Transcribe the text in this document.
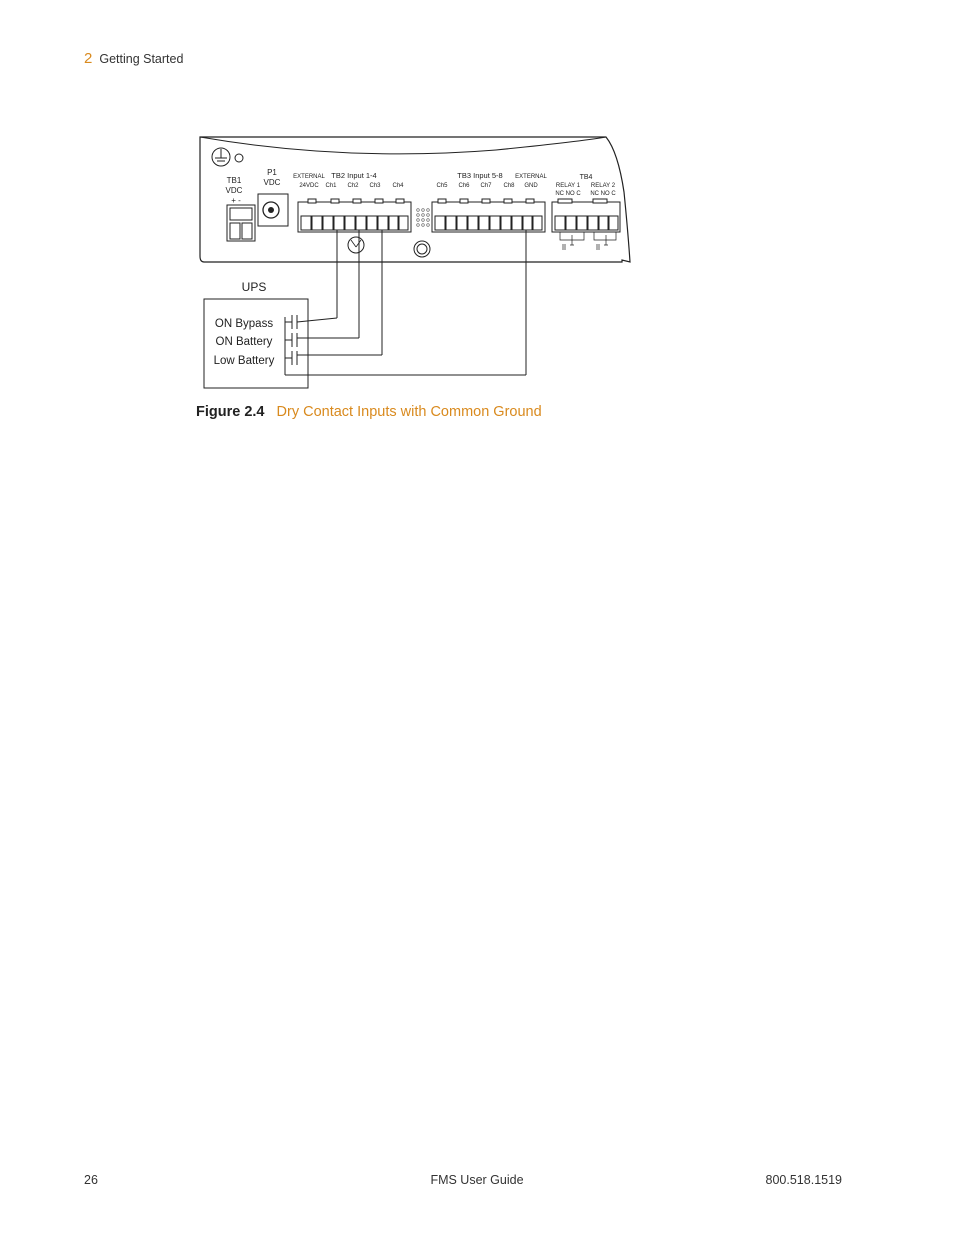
2 Getting Started
TB1
VDC
+ -
P1
VDC
EXTERNAL
24VDC
TB2 Input 1-4
Ch1 Ch2 Ch3 Ch4
TB3 Input 5-8
Ch5 Ch6 Ch7 Ch8
EXTERNAL
GND
TB4
RELAY 1
NC NO C
RELAY 2
NC NO C
UPS
ON Bypass
ON Battery
Low Battery
Figure 2.4 Dry Contact Inputs with Common Ground
26	FMS User Guide	800.518.1519
